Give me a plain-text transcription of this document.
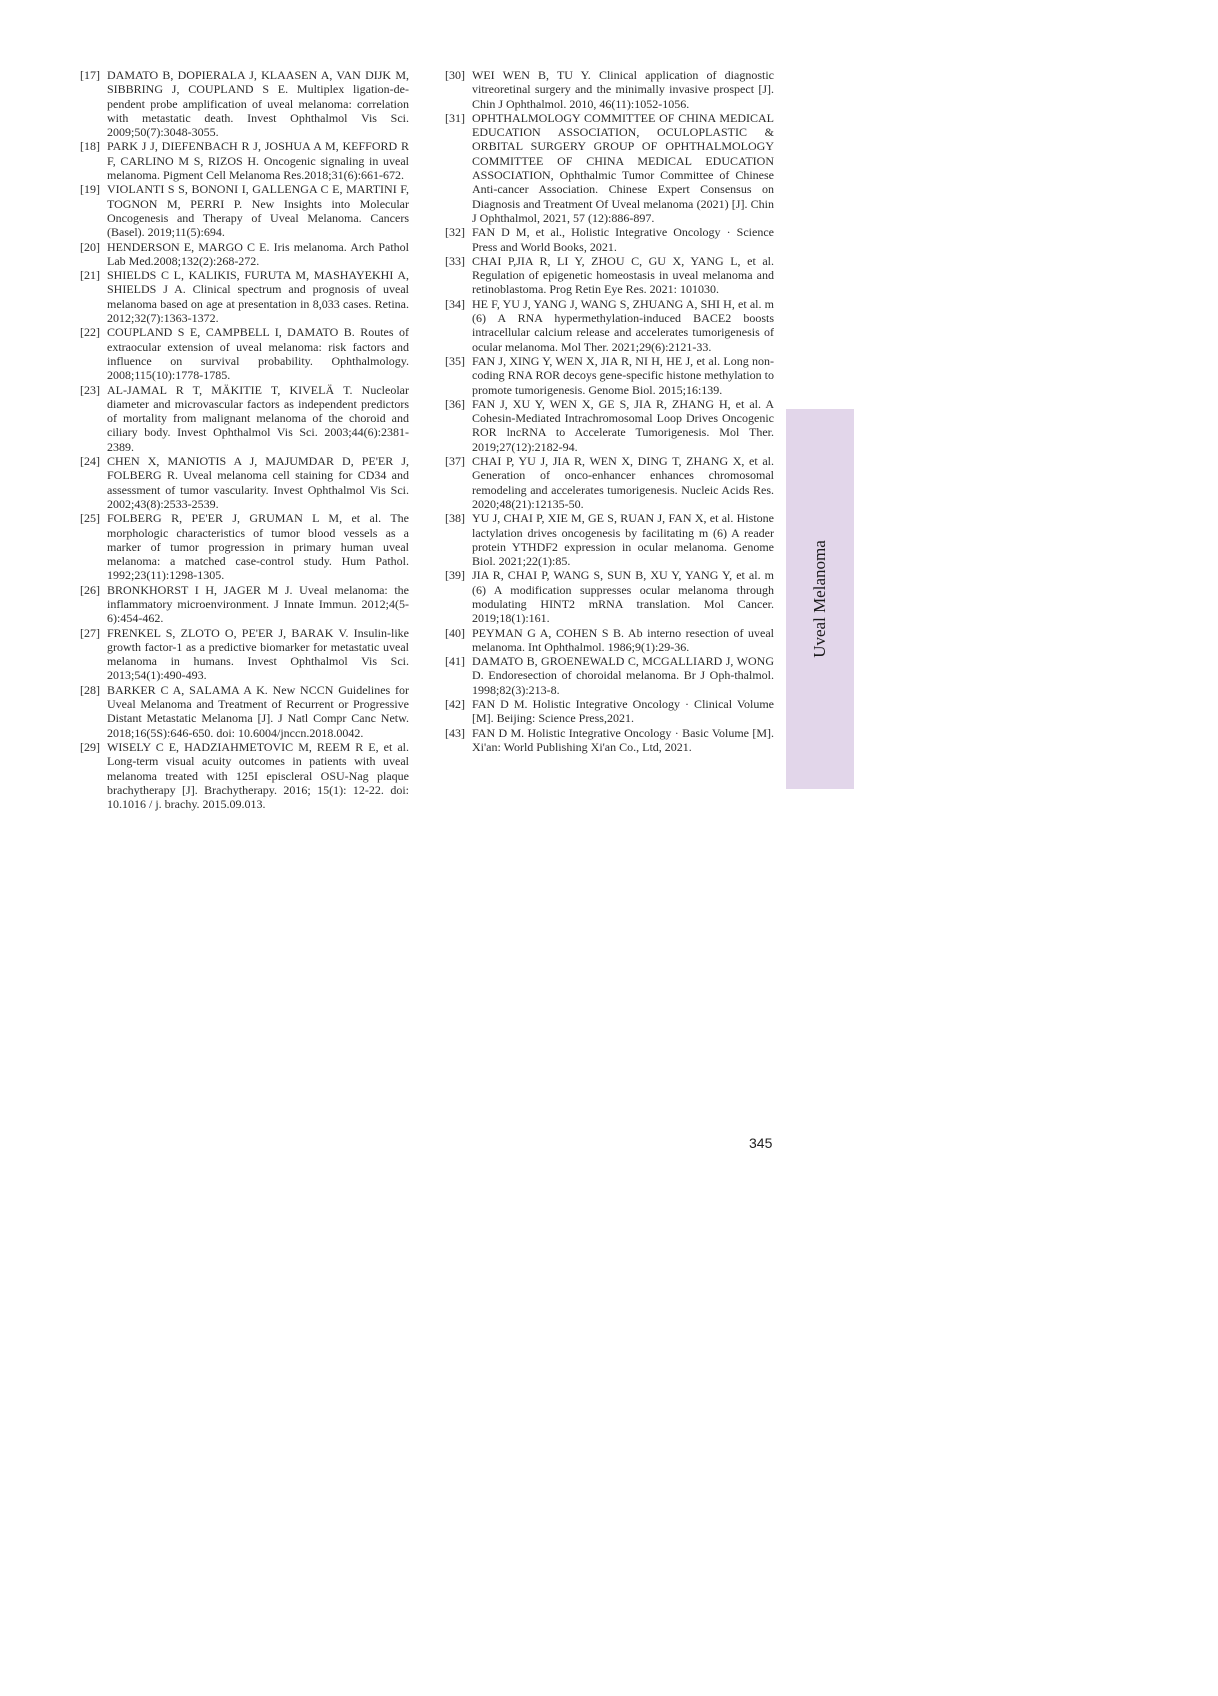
[17] DAMATO B, DOPIERALA J, KLAASEN A, VAN DIJK M, SIBBRING J, COUPLAND S E. Multiplex ligation-de-pendent probe amplification of uveal melanoma: correlation with metastatic death. Invest Ophthalmol Vis Sci. 2009;50(7):3048-3055.

[18] PARK J J, DIEFENBACH R J, JOSHUA A M, KEFFORD R F, CARLINO M S, RIZOS H. Oncogenic signaling in uveal melanoma. Pigment Cell Melanoma Res.2018;31(6):661-672.

[19] VIOLANTI S S, BONONI I, GALLENGA C E, MARTINI F, TOGNON M, PERRI P. New Insights into Molecular Oncogenesis and Therapy of Uveal Melanoma. Cancers (Basel). 2019;11(5):694.

[20] HENDERSON E, MARGO C E. Iris melanoma. Arch Pathol Lab Med.2008;132(2):268-272.

[21] SHIELDS C L, KALIKIS, FURUTA M, MASHAYEKHI A, SHIELDS J A. Clinical spectrum and prognosis of uveal melanoma based on age at presentation in 8,033 cases. Retina. 2012;32(7):1363-1372.

[22] COUPLAND S E, CAMPBELL I, DAMATO B. Routes of extraocular extension of uveal melanoma: risk factors and influence on survival probability. Ophthalmology. 2008;115(10):1778-1785.

[23] AL-JAMAL R T, MÄKITIE T, KIVELÄ T. Nucleolar diameter and microvascular factors as independent predictors of mortality from malignant melanoma of the choroid and ciliary body. Invest Ophthalmol Vis Sci. 2003;44(6):2381-2389.

[24] CHEN X, MANIOTIS A J, MAJUMDAR D, PE'ER J, FOLBERG R. Uveal melanoma cell staining for CD34 and assessment of tumor vascularity. Invest Ophthalmol Vis Sci. 2002;43(8):2533-2539.

[25] FOLBERG R, PE'ER J, GRUMAN L M, et al. The morphologic characteristics of tumor blood vessels as a marker of tumor progression in primary human uveal melanoma: a matched case-control study. Hum Pathol. 1992;23(11):1298-1305.

[26] BRONKHORST I H, JAGER M J. Uveal melanoma: the inflammatory microenvironment. J Innate Immun. 2012;4(5-6):454-462.

[27] FRENKEL S, ZLOTO O, PE'ER J, BARAK V. Insulin-like growth factor-1 as a predictive biomarker for metastatic uveal melanoma in humans. Invest Ophthalmol Vis Sci. 2013;54(1):490-493.

[28] BARKER C A, SALAMA A K. New NCCN Guidelines for Uveal Melanoma and Treatment of Recurrent or Progressive Distant Metastatic Melanoma [J]. J Natl Compr Canc Netw. 2018;16(5S):646-650. doi: 10.6004/jnccn.2018.0042.

[29] WISELY C E, HADZIAHMETOVIC M, REEM R E, et al. Long-term visual acuity outcomes in patients with uveal melanoma treated with 125I episcleral OSU-Nag plaque brachytherapy [J]. Brachytherapy. 2016; 15(1): 12-22. doi: 10.1016 / j. brachy. 2015.09.013.

[30] WEI WEN B, TU Y. Clinical application of diagnostic vitreoretinal surgery and the minimally invasive prospect [J]. Chin J Ophthalmol. 2010, 46(11):1052-1056.

[31] OPHTHALMOLOGY COMMITTEE OF CHINA MEDICAL EDUCATION ASSOCIATION, OCULOPLASTIC & ORBITAL SURGERY GROUP OF OPHTHALMOLOGY COMMITTEE OF CHINA MEDICAL EDUCATION ASSOCIATION, Ophthalmic Tumor Committee of Chinese Anti-cancer Association. Chinese Expert Consensus on Diagnosis and Treatment Of Uveal melanoma (2021) [J]. Chin J Ophthalmol, 2021, 57 (12):886-897.

[32] FAN D M, et al., Holistic Integrative Oncology · Science Press and World Books, 2021.

[33] CHAI P,JIA R, LI Y, ZHOU C, GU X, YANG L, et al. Regulation of epigenetic homeostasis in uveal melanoma and retinoblastoma. Prog Retin Eye Res. 2021: 101030.

[34] HE F, YU J, YANG J, WANG S, ZHUANG A, SHI H, et al. m (6) A RNA hypermethylation-induced BACE2 boosts intracellular calcium release and accelerates tumorigenesis of ocular melanoma. Mol Ther. 2021;29(6):2121-33.

[35] FAN J, XING Y, WEN X, JIA R, NI H, HE J, et al. Long non-coding RNA ROR decoys gene-specific histone methylation to promote tumorigenesis. Genome Biol. 2015;16:139.

[36] FAN J, XU Y, WEN X, GE S, JIA R, ZHANG H, et al. A Cohesin-Mediated Intrachromosomal Loop Drives Oncogenic ROR lncRNA to Accelerate Tumorigenesis. Mol Ther. 2019;27(12):2182-94.

[37] CHAI P, YU J, JIA R, WEN X, DING T, ZHANG X, et al. Generation of onco-enhancer enhances chromosomal remodeling and accelerates tumorigenesis. Nucleic Acids Res. 2020;48(21):12135-50.

[38] YU J, CHAI P, XIE M, GE S, RUAN J, FAN X, et al. Histone lactylation drives oncogenesis by facilitating m (6) A reader protein YTHDF2 expression in ocular melanoma. Genome Biol. 2021;22(1):85.

[39] JIA R, CHAI P, WANG S, SUN B, XU Y, YANG Y, et al. m (6) A modification suppresses ocular melanoma through modulating HINT2 mRNA translation. Mol Cancer. 2019;18(1):161.

[40] PEYMAN G A, COHEN S B. Ab interno resection of uveal melanoma. Int Ophthalmol. 1986;9(1):29-36.

[41] DAMATO B, GROENEWALD C, MCGALLIARD J, WONG D. Endoresection of choroidal melanoma. Br J Oph-thalmol. 1998;82(3):213-8.

[42] FAN D M. Holistic Integrative Oncology · Clinical Volume [M]. Beijing: Science Press,2021.

[43] FAN D M. Holistic Integrative Oncology · Basic Volume [M]. Xi'an: World Publishing Xi'an Co., Ltd, 2021.

Uveal Melanoma
345
